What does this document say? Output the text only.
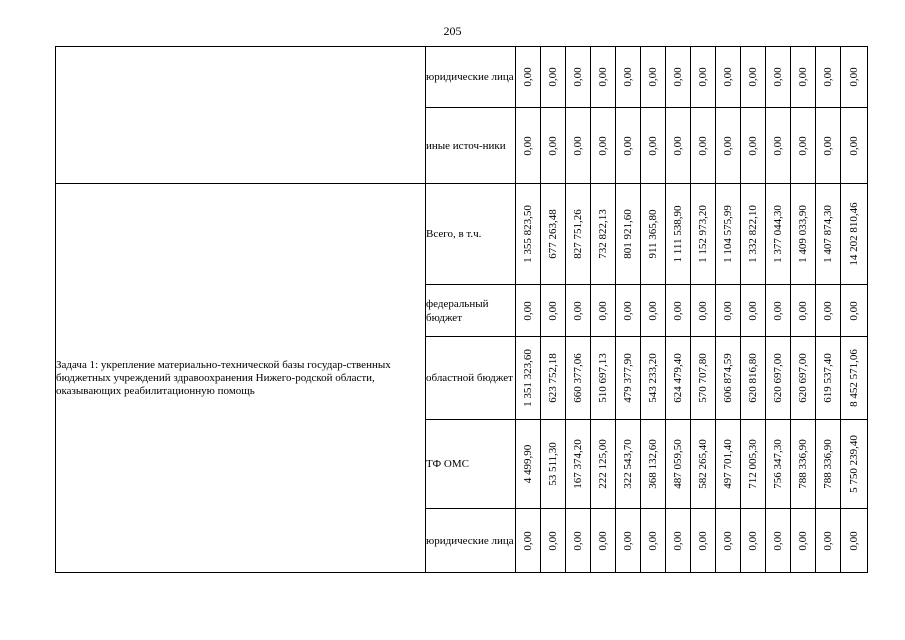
205
	юридические лица	0,00	0,00	0,00	0,00	0,00	0,00	0,00	0,00	0,00	0,00	0,00	0,00	0,00	0,00

	иные источ-ники	0,00	0,00	0,00	0,00	0,00	0,00	0,00	0,00	0,00	0,00	0,00	0,00	0,00	0,00

Задача 1: укрепление материально-технической базы государ-ственных бюджетных учреждений здравоохранения Нижего-родской области, оказывающих реабилитационную помощь	Всего, в т.ч.	1 355 823,50	677 263,48	827 751,26	732 822,13	801 921,60	911 365,80	1 111 538,90	1 152 973,20	1 104 575,99	1 332 822,10	1 377 044,30	1 409 033,90	1 407 874,30	14 202 810,46

	федеральный бюджет	0,00	0,00	0,00	0,00	0,00	0,00	0,00	0,00	0,00	0,00	0,00	0,00	0,00	0,00

	областной бюджет	1 351 323,60	623 752,18	660 377,06	510 697,13	479 377,90	543 233,20	624 479,40	570 707,80	606 874,59	620 816,80	620 697,00	620 697,00	619 537,40	8 452 571,06

	ТФ ОМС	4 499,90	53 511,30	167 374,20	222 125,00	322 543,70	368 132,60	487 059,50	582 265,40	497 701,40	712 005,30	756 347,30	788 336,90	788 336,90	5 750 239,40

	юридические лица	0,00	0,00	0,00	0,00	0,00	0,00	0,00	0,00	0,00	0,00	0,00	0,00	0,00	0,00
